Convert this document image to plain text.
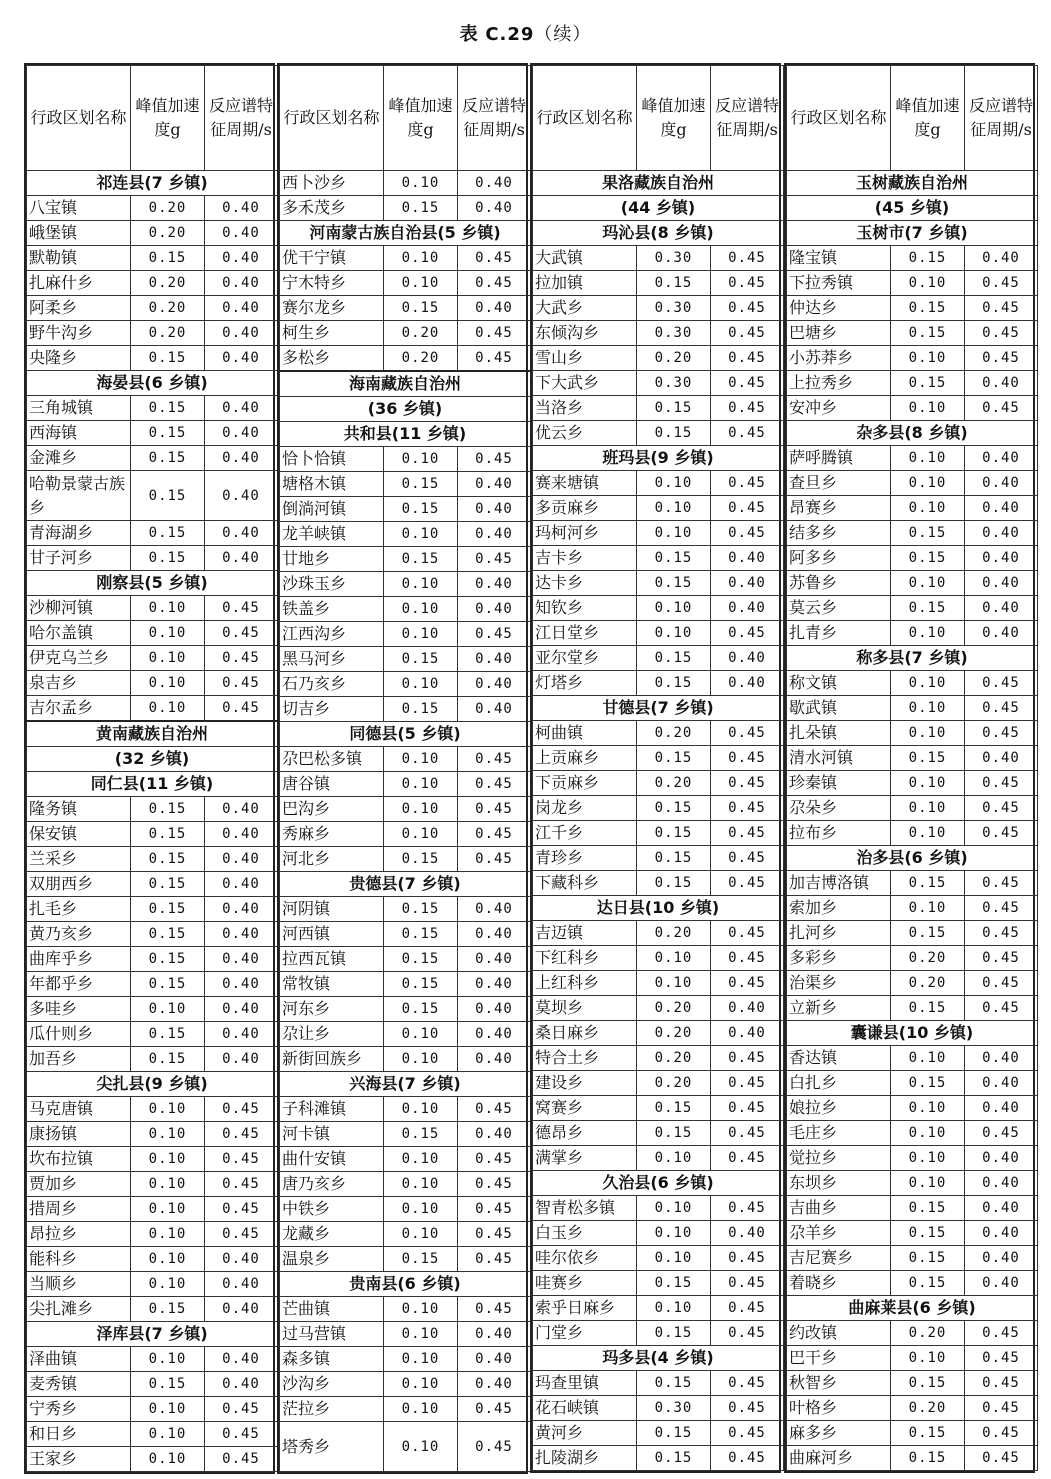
表 C.29（续）
行政区划名称	峰值加速度g	反应谱特征周期/s
祁连县(7 乡镇)		
八宝镇	0.20	0.40
峨堡镇	0.20	0.40
默勒镇	0.15	0.40
扎麻什乡	0.20	0.40
阿柔乡	0.20	0.40
野牛沟乡	0.20	0.40
央隆乡	0.15	0.40
海晏县(6 乡镇)		
三角城镇	0.15	0.40
西海镇	0.15	0.40
金滩乡	0.15	0.40
哈勒景蒙古族乡	0.15	0.40
青海湖乡	0.15	0.40
甘子河乡	0.15	0.40
刚察县(5 乡镇)		
沙柳河镇	0.10	0.45
哈尔盖镇	0.10	0.45
伊克乌兰乡	0.10	0.45
泉吉乡	0.10	0.45
吉尔孟乡	0.10	0.45
黄南藏族自治州		
(32 乡镇)		
同仁县(11 乡镇)		
隆务镇	0.15	0.40
保安镇	0.15	0.40
兰采乡	0.15	0.40
双朋西乡	0.15	0.40
扎毛乡	0.15	0.40
黄乃亥乡	0.15	0.40
曲库乎乡	0.15	0.40
年都乎乡	0.15	0.40
多哇乡	0.10	0.40
瓜什则乡	0.15	0.40
加吾乡	0.15	0.40
尖扎县(9 乡镇)		
马克唐镇	0.10	0.45
康扬镇	0.10	0.45
坎布拉镇	0.10	0.45
贾加乡	0.10	0.45
措周乡	0.10	0.45
昂拉乡	0.10	0.45
能科乡	0.10	0.40
当顺乡	0.10	0.40
尖扎滩乡	0.15	0.40
泽库县(7 乡镇)		
泽曲镇	0.10	0.40
麦秀镇	0.15	0.40
宁秀乡	0.10	0.45
和日乡	0.10	0.45
王家乡	0.10	0.45
行政区划名称	峰值加速度g	反应谱特征周期/s
西卜沙乡	0.10	0.40
多禾茂乡	0.15	0.40
河南蒙古族自治县(5 乡镇)		
优干宁镇	0.10	0.45
宁木特乡	0.10	0.45
赛尔龙乡	0.15	0.40
柯生乡	0.20	0.45
多松乡	0.20	0.45
海南藏族自治州		
(36 乡镇)		
共和县(11 乡镇)		
恰卜恰镇	0.10	0.45
塘格木镇	0.15	0.40
倒淌河镇	0.15	0.40
龙羊峡镇	0.10	0.40
廿地乡	0.15	0.45
沙珠玉乡	0.10	0.40
铁盖乡	0.10	0.40
江西沟乡	0.10	0.45
黑马河乡	0.15	0.40
石乃亥乡	0.10	0.40
切吉乡	0.15	0.40
同德县(5 乡镇)		
尕巴松多镇	0.10	0.45
唐谷镇	0.10	0.45
巴沟乡	0.10	0.45
秀麻乡	0.10	0.45
河北乡	0.15	0.45
贵德县(7 乡镇)		
河阴镇	0.15	0.40
河西镇	0.15	0.40
拉西瓦镇	0.15	0.40
常牧镇	0.15	0.40
河东乡	0.15	0.40
尕让乡	0.10	0.40
新街回族乡	0.10	0.40
兴海县(7 乡镇)		
子科滩镇	0.10	0.45
河卡镇	0.15	0.40
曲什安镇	0.10	0.45
唐乃亥乡	0.10	0.45
中铁乡	0.10	0.45
龙藏乡	0.10	0.45
温泉乡	0.15	0.45
贵南县(6 乡镇)		
芒曲镇	0.10	0.45
过马营镇	0.10	0.40
森多镇	0.10	0.40
沙沟乡	0.10	0.40
茫拉乡	0.10	0.45
塔秀乡	0.10	0.45
行政区划名称	峰值加速度g	反应谱特征周期/s
果洛藏族自治州		
(44 乡镇)		
玛沁县(8 乡镇)		
大武镇	0.30	0.45
拉加镇	0.15	0.45
大武乡	0.30	0.45
东倾沟乡	0.30	0.45
雪山乡	0.20	0.45
下大武乡	0.30	0.45
当洛乡	0.15	0.45
优云乡	0.15	0.45
班玛县(9 乡镇)		
赛来塘镇	0.10	0.45
多贡麻乡	0.10	0.45
玛柯河乡	0.10	0.45
吉卡乡	0.15	0.40
达卡乡	0.15	0.40
知钦乡	0.10	0.40
江日堂乡	0.10	0.45
亚尔堂乡	0.15	0.40
灯塔乡	0.15	0.40
甘德县(7 乡镇)		
柯曲镇	0.20	0.45
上贡麻乡	0.15	0.45
下贡麻乡	0.20	0.45
岗龙乡	0.15	0.45
江千乡	0.15	0.45
青珍乡	0.15	0.45
下藏科乡	0.15	0.45
达日县(10 乡镇)		
吉迈镇	0.20	0.45
下红科乡	0.10	0.45
上红科乡	0.10	0.45
莫坝乡	0.20	0.40
桑日麻乡	0.20	0.40
特合土乡	0.20	0.45
建设乡	0.20	0.45
窝赛乡	0.15	0.45
德昂乡	0.15	0.45
满掌乡	0.10	0.45
久治县(6 乡镇)		
智青松多镇	0.10	0.45
白玉乡	0.10	0.40
哇尔依乡	0.10	0.45
哇赛乡	0.15	0.45
索乎日麻乡	0.10	0.45
门堂乡	0.15	0.45
玛多县(4 乡镇)		
玛查里镇	0.15	0.45
花石峡镇	0.30	0.45
黄河乡	0.15	0.45
扎陵湖乡	0.15	0.45
行政区划名称	峰值加速度g	反应谱特征周期/s
玉树藏族自治州		
(45 乡镇)		
玉树市(7 乡镇)		
隆宝镇	0.15	0.40
下拉秀镇	0.10	0.45
仲达乡	0.15	0.45
巴塘乡	0.15	0.45
小苏莽乡	0.10	0.45
上拉秀乡	0.15	0.40
安冲乡	0.10	0.45
杂多县(8 乡镇)		
萨呼腾镇	0.10	0.40
查旦乡	0.10	0.40
昂赛乡	0.10	0.40
结多乡	0.15	0.40
阿多乡	0.15	0.40
苏鲁乡	0.10	0.40
莫云乡	0.15	0.40
扎青乡	0.10	0.40
称多县(7 乡镇)		
称文镇	0.10	0.45
歇武镇	0.10	0.45
扎朵镇	0.10	0.45
清水河镇	0.15	0.40
珍秦镇	0.10	0.45
尕朵乡	0.10	0.45
拉布乡	0.10	0.45
治多县(6 乡镇)		
加吉博洛镇	0.15	0.45
索加乡	0.10	0.45
扎河乡	0.15	0.45
多彩乡	0.20	0.45
治渠乡	0.20	0.45
立新乡	0.15	0.45
囊谦县(10 乡镇)		
香达镇	0.10	0.40
白扎乡	0.15	0.40
娘拉乡	0.10	0.40
毛庄乡	0.10	0.45
觉拉乡	0.10	0.40
东坝乡	0.10	0.40
吉曲乡	0.15	0.40
尕羊乡	0.15	0.40
吉尼赛乡	0.15	0.40
着晓乡	0.15	0.40
曲麻莱县(6 乡镇)		
约改镇	0.20	0.45
巴干乡	0.10	0.45
秋智乡	0.15	0.45
叶格乡	0.20	0.45
麻多乡	0.15	0.45
曲麻河乡	0.15	0.45
